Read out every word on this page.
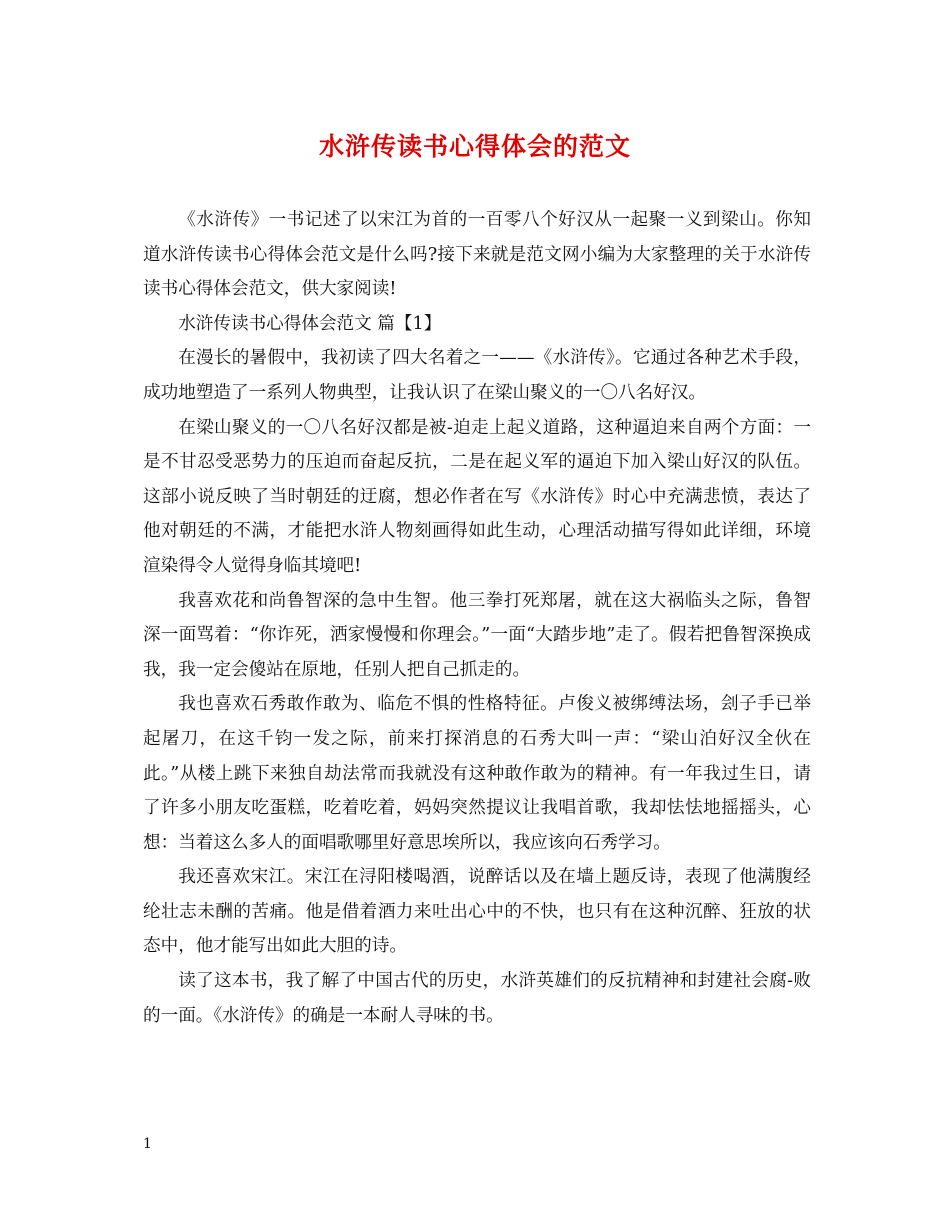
水浒传读书心得体会的范文

《水浒传》一书记述了以宋江为首的一百零八个好汉从一起聚一义到梁山。你知道水浒传读书心得体会范文是什么吗?接下来就是范文网小编为大家整理的关于水浒传读书心得体会范文，供大家阅读!

水浒传读书心得体会范文 篇【1】

在漫长的暑假中，我初读了四大名着之一——《水浒传》。它通过各种艺术手段，成功地塑造了一系列人物典型，让我认识了在梁山聚义的一〇八名好汉。

在梁山聚义的一〇八名好汉都是被-迫走上起义道路，这种逼迫来自两个方面：一是不甘忍受恶势力的压迫而奋起反抗，二是在起义军的逼迫下加入梁山好汉的队伍。这部小说反映了当时朝廷的迂腐，想必作者在写《水浒传》时心中充满悲愤，表达了他对朝廷的不满，才能把水浒人物刻画得如此生动，心理活动描写得如此详细，环境渲染得令人觉得身临其境吧!

我喜欢花和尚鲁智深的急中生智。他三拳打死郑屠，就在这大祸临头之际，鲁智深一面骂着：“你诈死，洒家慢慢和你理会。”一面“大踏步地”走了。假若把鲁智深换成我，我一定会傻站在原地，任别人把自己抓走的。

我也喜欢石秀敢作敢为、临危不惧的性格特征。卢俊义被绑缚法场，刽子手已举起屠刀，在这千钧一发之际，前来打探消息的石秀大叫一声：“梁山泊好汉全伙在此。”从楼上跳下来独自劫法常而我就没有这种敢作敢为的精神。有一年我过生日，请了许多小朋友吃蛋糕，吃着吃着，妈妈突然提议让我唱首歌，我却怯怯地摇摇头，心想：当着这么多人的面唱歌哪里好意思埃所以，我应该向石秀学习。

我还喜欢宋江。宋江在浔阳楼喝酒，说醉话以及在墙上题反诗，表现了他满腹经纶壮志未酬的苦痛。他是借着酒力来吐出心中的不快，也只有在这种沉醉、狂放的状态中，他才能写出如此大胆的诗。

读了这本书，我了解了中国古代的历史，水浒英雄们的反抗精神和封建社会腐-败的一面。《水浒传》的确是一本耐人寻味的书。

1
